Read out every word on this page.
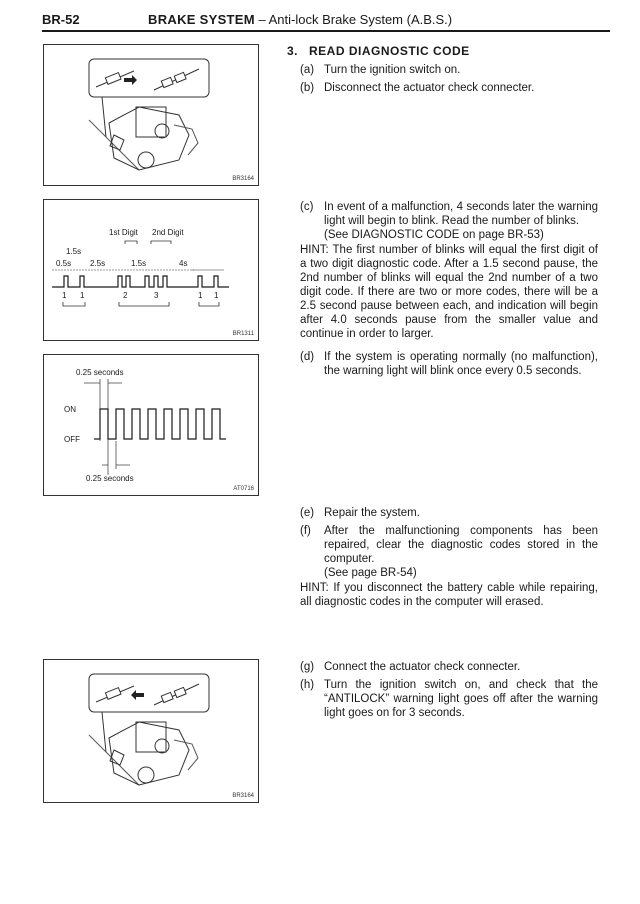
BR-52	BRAKE SYSTEM – Anti-lock Brake System (A.B.S.)
BR3164
1st Digit 2nd Digit
1.5s
0.5s 2.5s	1.5s	4s
1 1	2	3	1 1
BR1311
0.25 seconds
ON
OFF
0.25 seconds
AT0716
BR3164
3. READ DIAGNOSTIC CODE
(a) Turn the ignition switch on.
(b) Disconnect the actuator check connecter.
(c) In event of a malfunction, 4 seconds later the warning light will begin to blink. Read the number of blinks.
(See DIAGNOSTIC CODE on page BR-53)
HINT: The first number of blinks will equal the first digit of a two digit diagnostic code. After a 1.5 second pause, the 2nd number of blinks will equal the 2nd number of a two digit code. If there are two or more codes, there will be a 2.5 second pause between each, and indication will begin after 4.0 seconds pause from the smaller value and continue in order to larger.
(d) If the system is operating normally (no malfunction), the warning light will blink once every 0.5 seconds.
(e) Repair the system.
(f)	After the malfunctioning components has been repaired, clear the diagnostic codes stored in the computer.
(See page BR-54)
HINT: If you disconnect the battery cable while repairing, all diagnostic codes in the computer will erased.
(g) Connect the actuator check connecter.
(h) Turn the ignition switch on, and check that the “ANTILOCK” warning light goes off after the warning light goes on for 3 seconds.
